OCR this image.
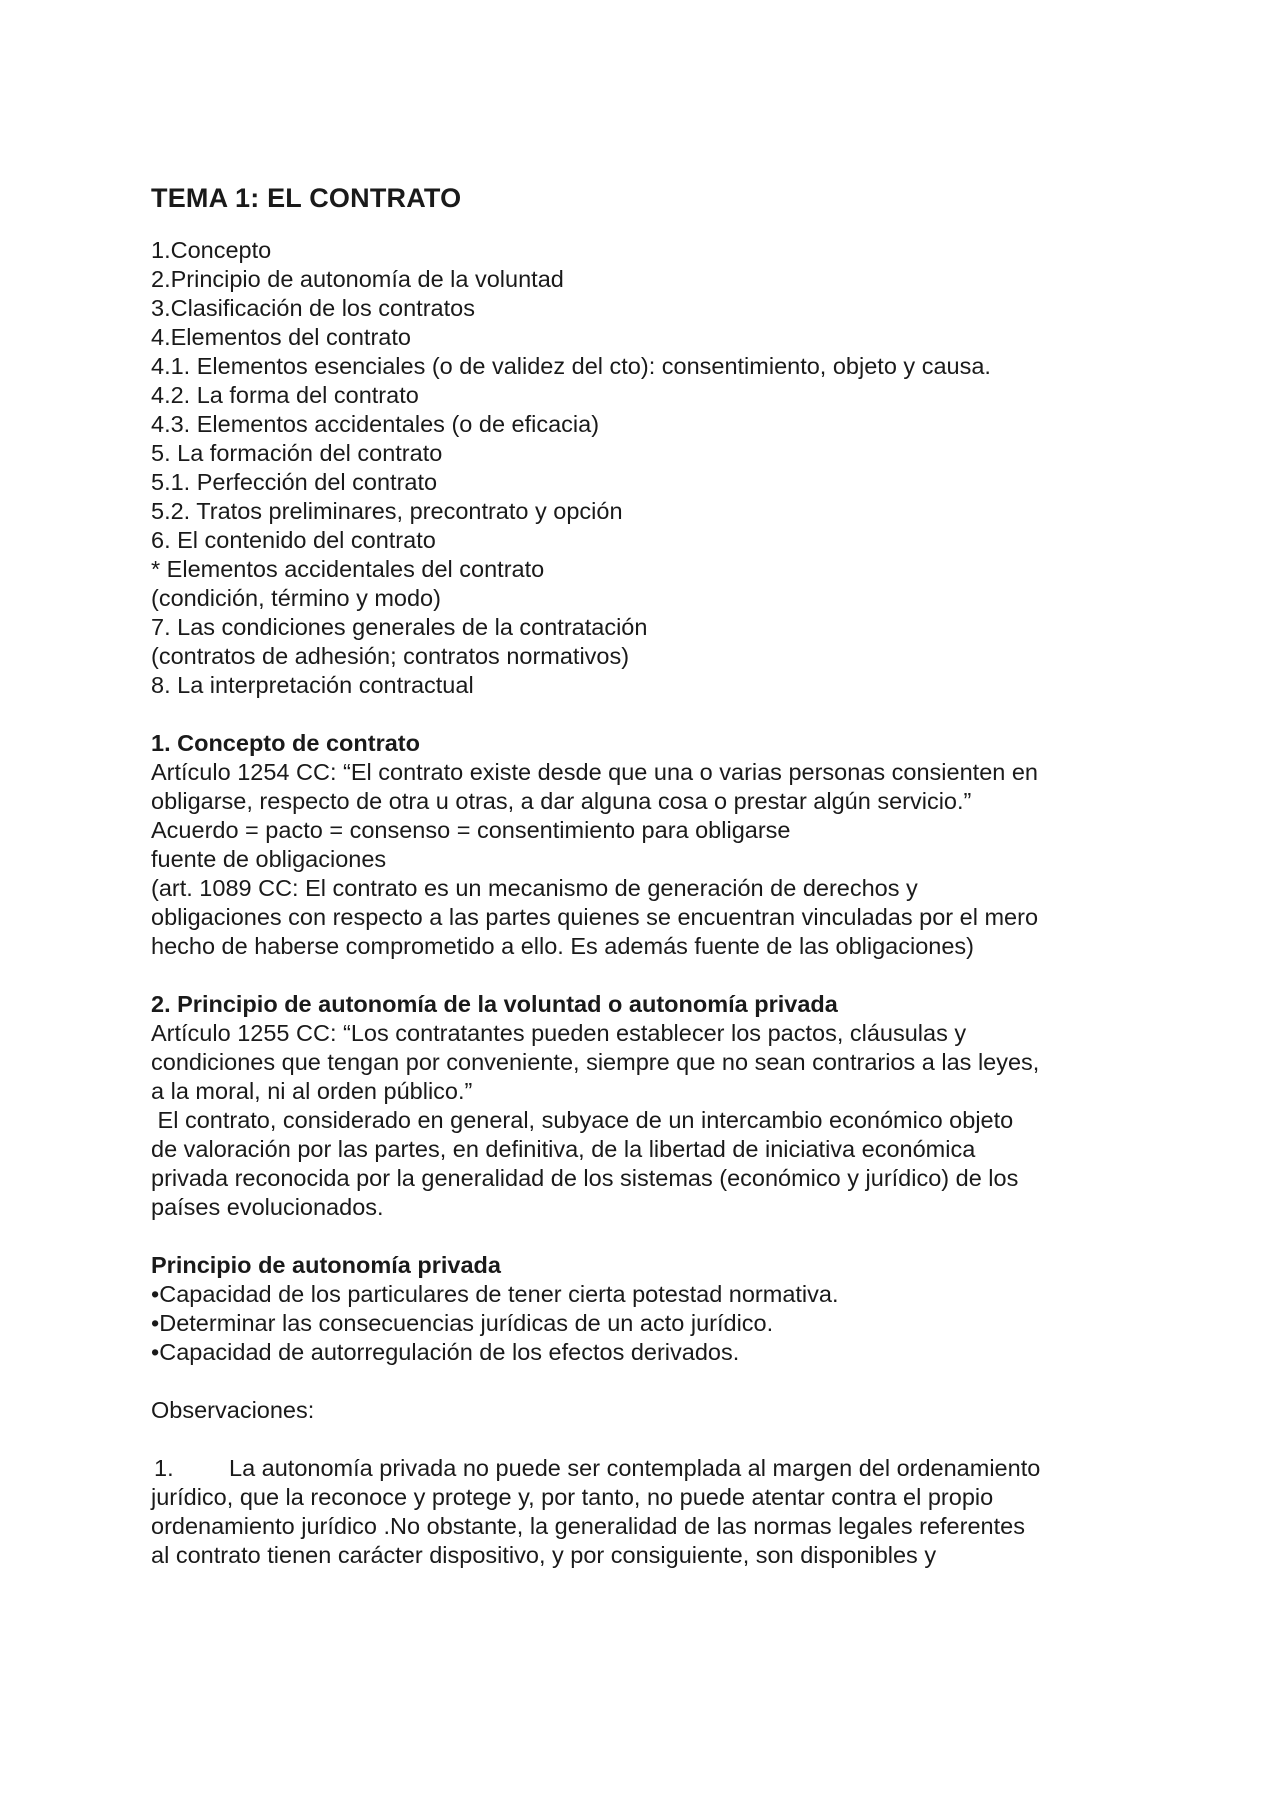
TEMA 1: EL CONTRATO

1.Concepto

2.Principio de autonomía de la voluntad

3.Clasificación de los contratos

4.Elementos del contrato

4.1. Elementos esenciales (o de validez del cto): consentimiento, objeto y causa.

4.2. La forma del contrato

4.3. Elementos accidentales (o de eficacia)

5. La formación del contrato

5.1. Perfección del contrato

5.2. Tratos preliminares, precontrato y opción

6. El contenido del contrato

* Elementos accidentales del contrato

(condición, término y modo)

7. Las condiciones generales de la contratación

(contratos de adhesión; contratos normativos)

8. La interpretación contractual

1. Concepto de contrato

Artículo 1254 CC: “El contrato existe desde que una o varias personas consienten en

obligarse, respecto de otra u otras, a dar alguna cosa o prestar algún servicio.”

Acuerdo = pacto = consenso = consentimiento para obligarse

fuente de obligaciones

(art. 1089 CC: El contrato es un mecanismo de generación de derechos y

obligaciones con respecto a las partes quienes se encuentran vinculadas por el mero

hecho de haberse comprometido a ello. Es además fuente de las obligaciones)

2. Principio de autonomía de la voluntad o autonomía privada

Artículo 1255 CC: “Los contratantes pueden establecer los pactos, cláusulas y

condiciones que tengan por conveniente, siempre que no sean contrarios a las leyes,

a la moral, ni al orden público.”

El contrato, considerado en general, subyace de un intercambio económico objeto

de valoración por las partes, en definitiva, de la libertad de iniciativa económica

privada reconocida por la generalidad de los sistemas (económico y jurídico) de los

países evolucionados.

Principio de autonomía privada

•Capacidad de los particulares de tener cierta potestad normativa.

•Determinar las consecuencias jurídicas de un acto jurídico.

•Capacidad de autorregulación de los efectos derivados.

Observaciones:

1. La autonomía privada no puede ser contemplada al margen del ordenamiento

jurídico, que la reconoce y protege y, por tanto, no puede atentar contra el propio

ordenamiento jurídico .No obstante, la generalidad de las normas legales referentes

al contrato tienen carácter dispositivo, y por consiguiente, son disponibles y
